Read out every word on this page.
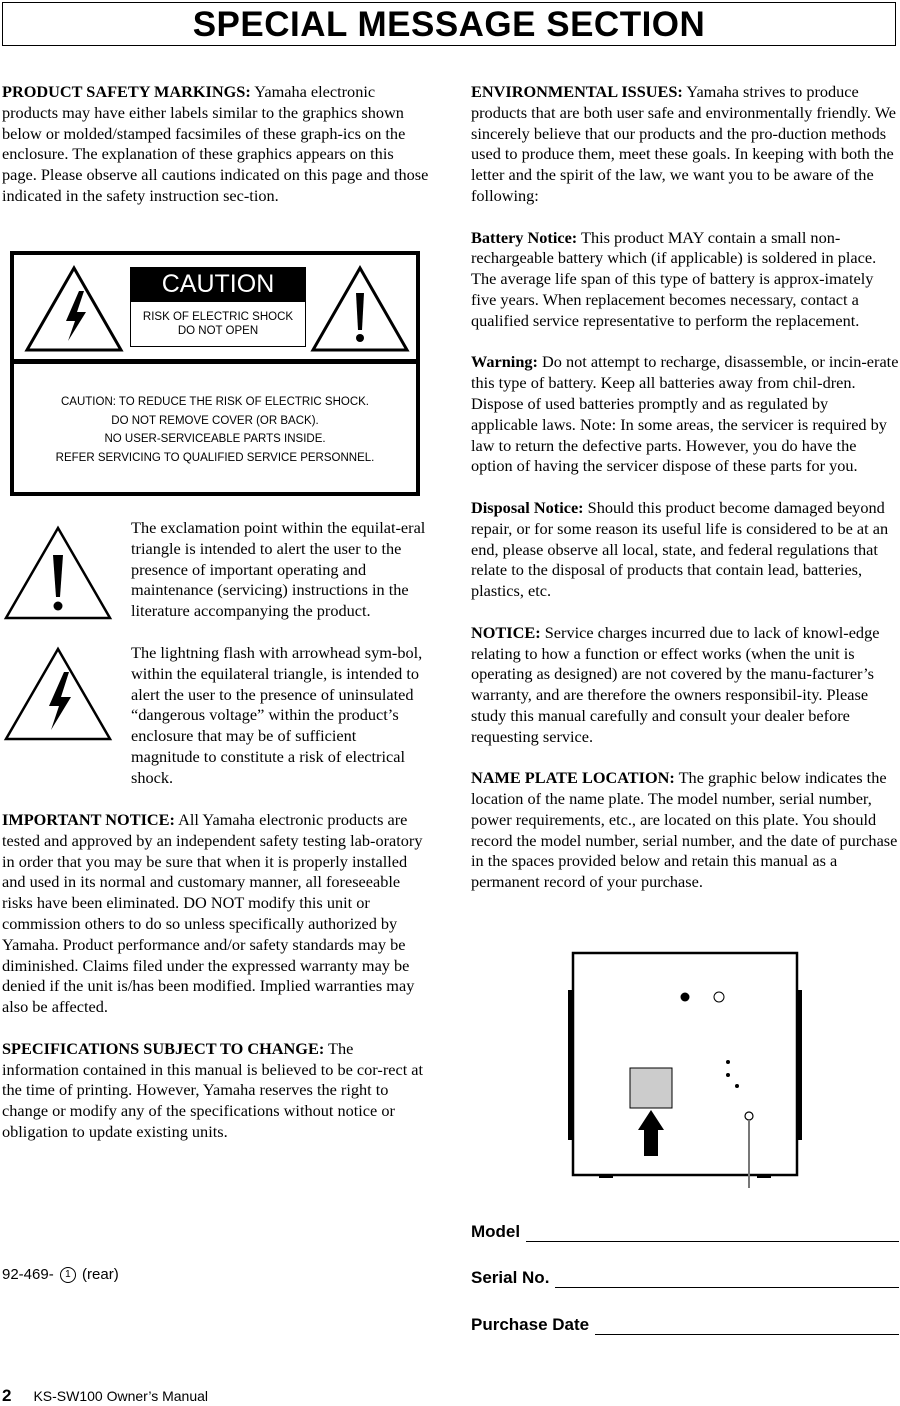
SPECIAL MESSAGE SECTION

PRODUCT SAFETY MARKINGS: Yamaha electronic products may have either labels similar to the graphics shown below or molded/stamped facsimiles of these graph-ics on the enclosure. The explanation of these graphics appears on this page. Please observe all cautions indicated on this page and those indicated in the safety instruction sec-tion.

CAUTION
RISK OF ELECTRIC SHOCK
DO NOT OPEN
CAUTION: TO REDUCE THE RISK OF ELECTRIC SHOCK.
DO NOT REMOVE COVER (OR BACK).
NO USER-SERVICEABLE PARTS INSIDE.
REFER SERVICING TO QUALIFIED SERVICE PERSONNEL.
The exclamation point within the equilat-eral triangle is intended to alert the user to the presence of important operating and maintenance (servicing) instructions in the literature accompanying the product.
The lightning flash with arrowhead sym-bol, within the equilateral triangle, is intended to alert the user to the presence of uninsulated “dangerous voltage” within the product’s enclosure that may be of sufficient magnitude to constitute a risk of electrical shock.

IMPORTANT NOTICE: All Yamaha electronic products are tested and approved by an independent safety testing lab-oratory in order that you may be sure that when it is properly installed and used in its normal and customary manner, all foreseeable risks have been eliminated. DO NOT modify this unit or commission others to do so unless specifically authorized by Yamaha. Product performance and/or safety standards may be diminished. Claims filed under the expressed warranty may be denied if the unit is/has been modified. Implied warranties may also be affected.

SPECIFICATIONS SUBJECT TO CHANGE: The information contained in this manual is believed to be cor-rect at the time of printing. However, Yamaha reserves the right to change or modify any of the specifications without notice or obligation to update existing units.

ENVIRONMENTAL ISSUES: Yamaha strives to produce products that are both user safe and environmentally friendly. We sincerely believe that our products and the pro-duction methods used to produce them, meet these goals. In keeping with both the letter and the spirit of the law, we want you to be aware of the following:

Battery Notice: This product MAY contain a small non-rechargeable battery which (if applicable) is soldered in place. The average life span of this type of battery is approx-imately five years. When replacement becomes necessary, contact a qualified service representative to perform the replacement.

Warning: Do not attempt to recharge, disassemble, or incin-erate this type of battery. Keep all batteries away from chil-dren. Dispose of used batteries promptly and as regulated by applicable laws. Note: In some areas, the servicer is required by law to return the defective parts. However, you do have the option of having the servicer dispose of these parts for you.

Disposal Notice: Should this product become damaged beyond repair, or for some reason its useful life is considered to be at an end, please observe all local, state, and federal regulations that relate to the disposal of products that contain lead, batteries, plastics, etc.

NOTICE: Service charges incurred due to lack of knowl-edge relating to how a function or effect works (when the unit is operating as designed) are not covered by the manu-facturer’s warranty, and are therefore the owners responsibil-ity. Please study this manual carefully and consult your dealer before requesting service.

NAME PLATE LOCATION: The graphic below indicates the location of the name plate. The model number, serial number, power requirements, etc., are located on this plate. You should record the model number, serial number, and the date of purchase in the spaces provided below and retain this manual as a permanent record of your purchase.

Model
Serial No.
Purchase Date
92-469- 1 (rear)
2 KS-SW100 Owner’s Manual
